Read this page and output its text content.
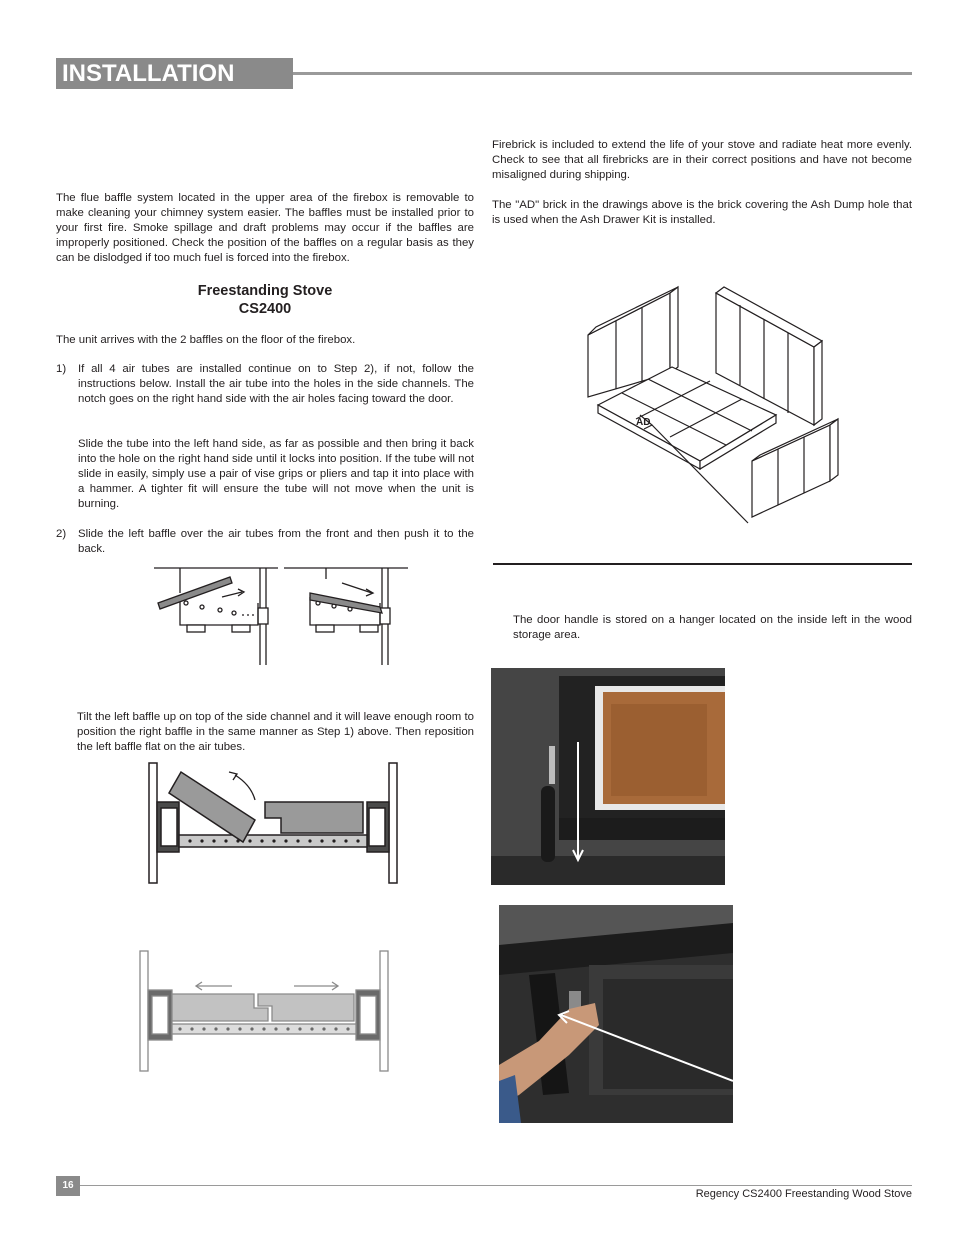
INSTALLATION

The flue baffle system located in the upper area of the firebox is removable to make cleaning your chimney system easier. The baffles must be installed prior to your first fire. Smoke spillage and draft problems may occur if the baffles are improperly positioned. Check the position of the baffles on a regular basis as they can be dislodged if too much fuel is forced into the firebox.

Freestanding Stove
CS2400

The unit arrives with the 2 baffles on the floor of the firebox.

1) If all 4 air tubes are installed continue on to Step 2), if not, follow the instructions below. Install the air tube into the holes in the side channels. The notch goes on the right hand side with the air holes facing toward the door.

Slide the tube into the left hand side, as far as possible and then bring it back into the hole on the right hand side until it locks into position. If the tube will not slide in easily, simply use a pair of vise grips or pliers and tap it into place with a hammer. A tighter fit will ensure the tube will not move when the unit is burning.

2) Slide the left baffle over the air tubes from the front and then push it to the back.

Tilt the left baffle up on top of the side channel and it will leave enough room to position the right baffle in the same manner as Step 1) above. Then reposition the left baffle flat on the air tubes.

Firebrick is included to extend the life of your stove and radiate heat more evenly. Check to see that all firebricks are in their correct positions and have not become misaligned during shipping.

The "AD" brick in the drawings above is the brick covering the Ash Dump hole that is used when the Ash Drawer Kit is installed.

AD

The door handle is stored on a hanger located on the inside left in the wood storage area.

16
Regency CS2400 Freestanding Wood Stove
